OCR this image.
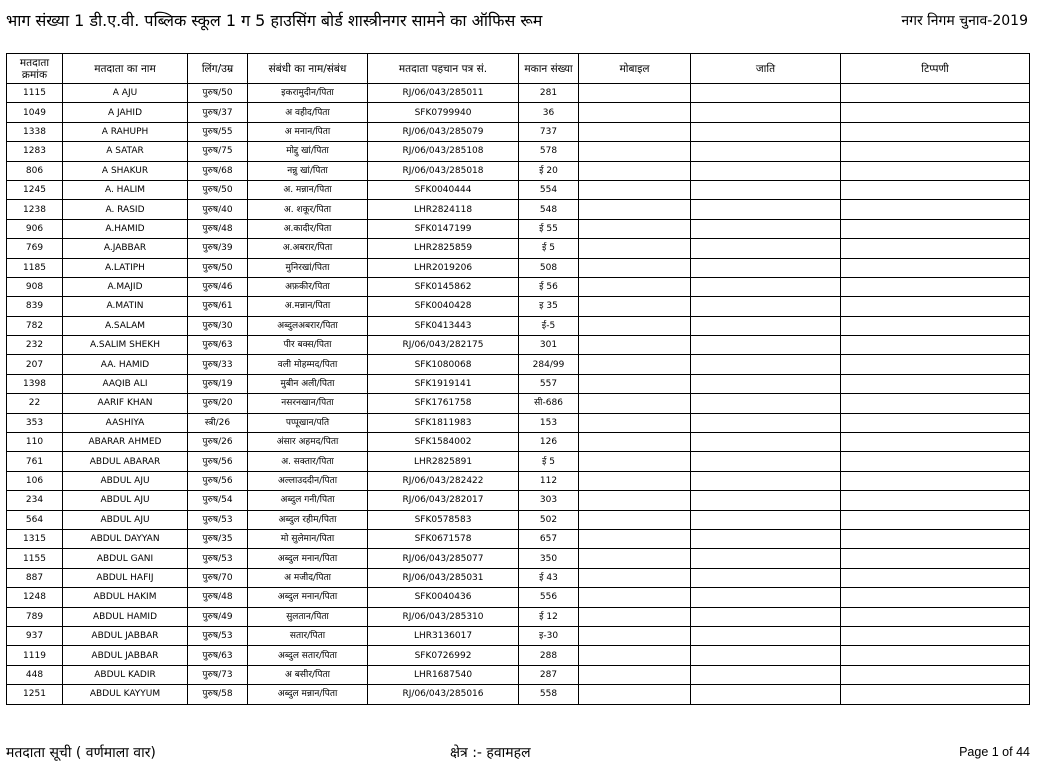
भाग संख्या 1 डी.ए.वी. पब्लिक स्कूल 1 ग 5 हाउसिंग बोर्ड शास्त्रीनगर सामने का ऑफिस रूम	नगर निगम चुनाव-2019
मतदाता क्रमांक	मतदाता का नाम	लिंग/उम्र	संबंधी का नाम/संबंध	मतदाता पहचान पत्र सं.	मकान संख्या	मोबाइल	जाति	टिप्पणी
1115	A AJU	पुरुष/50	इकरामुदीन/पिता	RJ/06/043/285011	281			
1049	A JAHID	पुरुष/37	अ वहीद/पिता	SFK0799940	36			
1338	A RAHUPH	पुरुष/55	अ मनान/पिता	RJ/06/043/285079	737			
1283	A SATAR	पुरुष/75	मोद्दु खां/पिता	RJ/06/043/285108	578			
806	A SHAKUR	पुरुष/68	नन्नु खां/पिता	RJ/06/043/285018	ई 20			
1245	A. HALIM	पुरुष/50	अ. मन्नान/पिता	SFK0040444	554			
1238	A. RASID	पुरुष/40	अ. शकूर/पिता	LHR2824118	548			
906	A.HAMID	पुरुष/48	अ.कादीर/पिता	SFK0147199	ई 55			
769	A.JABBAR	पुरुष/39	अ.अबरार/पिता	LHR2825859	ई 5			
1185	A.LATIPH	पुरुष/50	मुनिरखां/पिता	LHR2019206	508			
908	A.MAJID	पुरुष/46	अफ़कीर/पिता	SFK0145862	ई 56			
839	A.MATIN	पुरुष/61	अ.मन्नान/पिता	SFK0040428	इ 35			
782	A.SALAM	पुरुष/30	अब्दुलअबरार/पिता	SFK0413443	ई-5			
232	A.SALIM SHEKH	पुरुष/63	पीर बक्स/पिता	RJ/06/043/282175	301			
207	AA. HAMID	पुरुष/33	वली मोहम्मद/पिता	SFK1080068	284/99			
1398	AAQIB ALI	पुरुष/19	मुबीन अली/पिता	SFK1919141	557			
22	AARIF KHAN	पुरुष/20	नसरनखान/पिता	SFK1761758	सी-686			
353	AASHIYA	स्त्री/26	पप्पूखान/पति	SFK1811983	153			
110	ABARAR AHMED	पुरुष/26	अंसार अहमद/पिता	SFK1584002	126			
761	ABDUL ABARAR	पुरुष/56	अ. सक्तार/पिता	LHR2825891	ई 5			
106	ABDUL AJU	पुरुष/56	अल्लाउददीन/पिता	RJ/06/043/282422	112			
234	ABDUL AJU	पुरुष/54	अब्दुल गनी/पिता	RJ/06/043/282017	303			
564	ABDUL AJU	पुरुष/53	अब्दुल रहीम/पिता	SFK0578583	502			
1315	ABDUL DAYYAN	पुरुष/35	मो सुलेमान/पिता	SFK0671578	657			
1155	ABDUL GANI	पुरुष/53	अब्दुल मनान/पिता	RJ/06/043/285077	350			
887	ABDUL HAFIJ	पुरुष/70	अ मजीद/पिता	RJ/06/043/285031	ई 43			
1248	ABDUL HAKIM	पुरुष/48	अब्दुल मनान/पिता	SFK0040436	556			
789	ABDUL HAMID	पुरुष/49	सुलतान/पिता	RJ/06/043/285310	ई 12			
937	ABDUL JABBAR	पुरुष/53	सतार/पिता	LHR3136017	इ-30			
1119	ABDUL JABBAR	पुरुष/63	अब्दुल सतार/पिता	SFK0726992	288			
448	ABDUL KADIR	पुरुष/73	अ बसीर/पिता	LHR1687540	287			
1251	ABDUL KAYYUM	पुरुष/58	अब्दुल मन्नान/पिता	RJ/06/043/285016	558			
मतदाता सूची ( वर्णमाला वार)	क्षेत्र :- हवामहल	Page 1 of 44
